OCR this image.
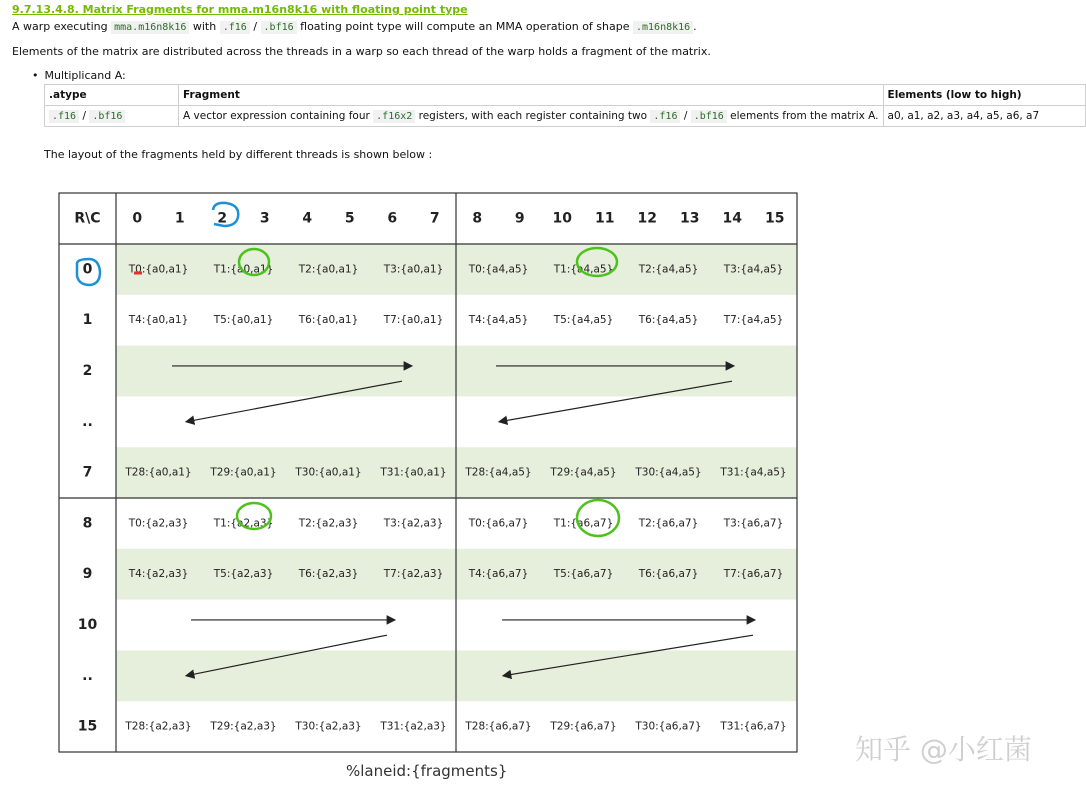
9.7.13.4.8. Matrix Fragments for mma.m16n8k16 with floating point type
A warp executing mma.m16n8k16 with .f16 / .bf16 floating point type will compute an MMA operation of shape .m16n8k16 .
Elements of the matrix are distributed across the threads in a warp so each thread of the warp holds a fragment of the matrix.
• Multiplicand A:
.atype	Fragment	Elements (low to high)
.f16 / .bf16	A vector expression containing four .f16x2 registers, with each register containing two .f16 / .bf16 elements from the matrix A.	a0, a1, a2, a3, a4, a5, a6, a7
The layout of the fragments held by different threads is shown below :
R\C 0 1 2 3 4 5 6 7 8 9 10 11 12 13 14 15
0	T0:{a0,a1} T1:{a0,a1} T2:{a0,a1} T3:{a0,a1} T0:{a4,a5} T1:{a4,a5} T2:{a4,a5} T3:{a4,a5}
1	T4:{a0,a1} T5:{a0,a1} T6:{a0,a1} T7:{a0,a1} T4:{a4,a5} T5:{a4,a5} T6:{a4,a5} T7:{a4,a5}
2
..
7	T28:{a0,a1} T29:{a0,a1} T30:{a0,a1} T31:{a0,a1} T28:{a4,a5} T29:{a4,a5} T30:{a4,a5} T31:{a4,a5}
8	T0:{a2,a3} T1:{a2,a3} T2:{a2,a3} T3:{a2,a3} T0:{a6,a7} T1:{a6,a7} T2:{a6,a7} T3:{a6,a7}
9	T4:{a2,a3} T5:{a2,a3} T6:{a2,a3} T7:{a2,a3} T4:{a6,a7} T5:{a6,a7} T6:{a6,a7} T7:{a6,a7}
10
..
15	T28:{a2,a3} T29:{a2,a3} T30:{a2,a3} T31:{a2,a3} T28:{a6,a7} T29:{a6,a7} T30:{a6,a7} T31:{a6,a7}
%laneid:{fragments}
知乎 @小红菌
